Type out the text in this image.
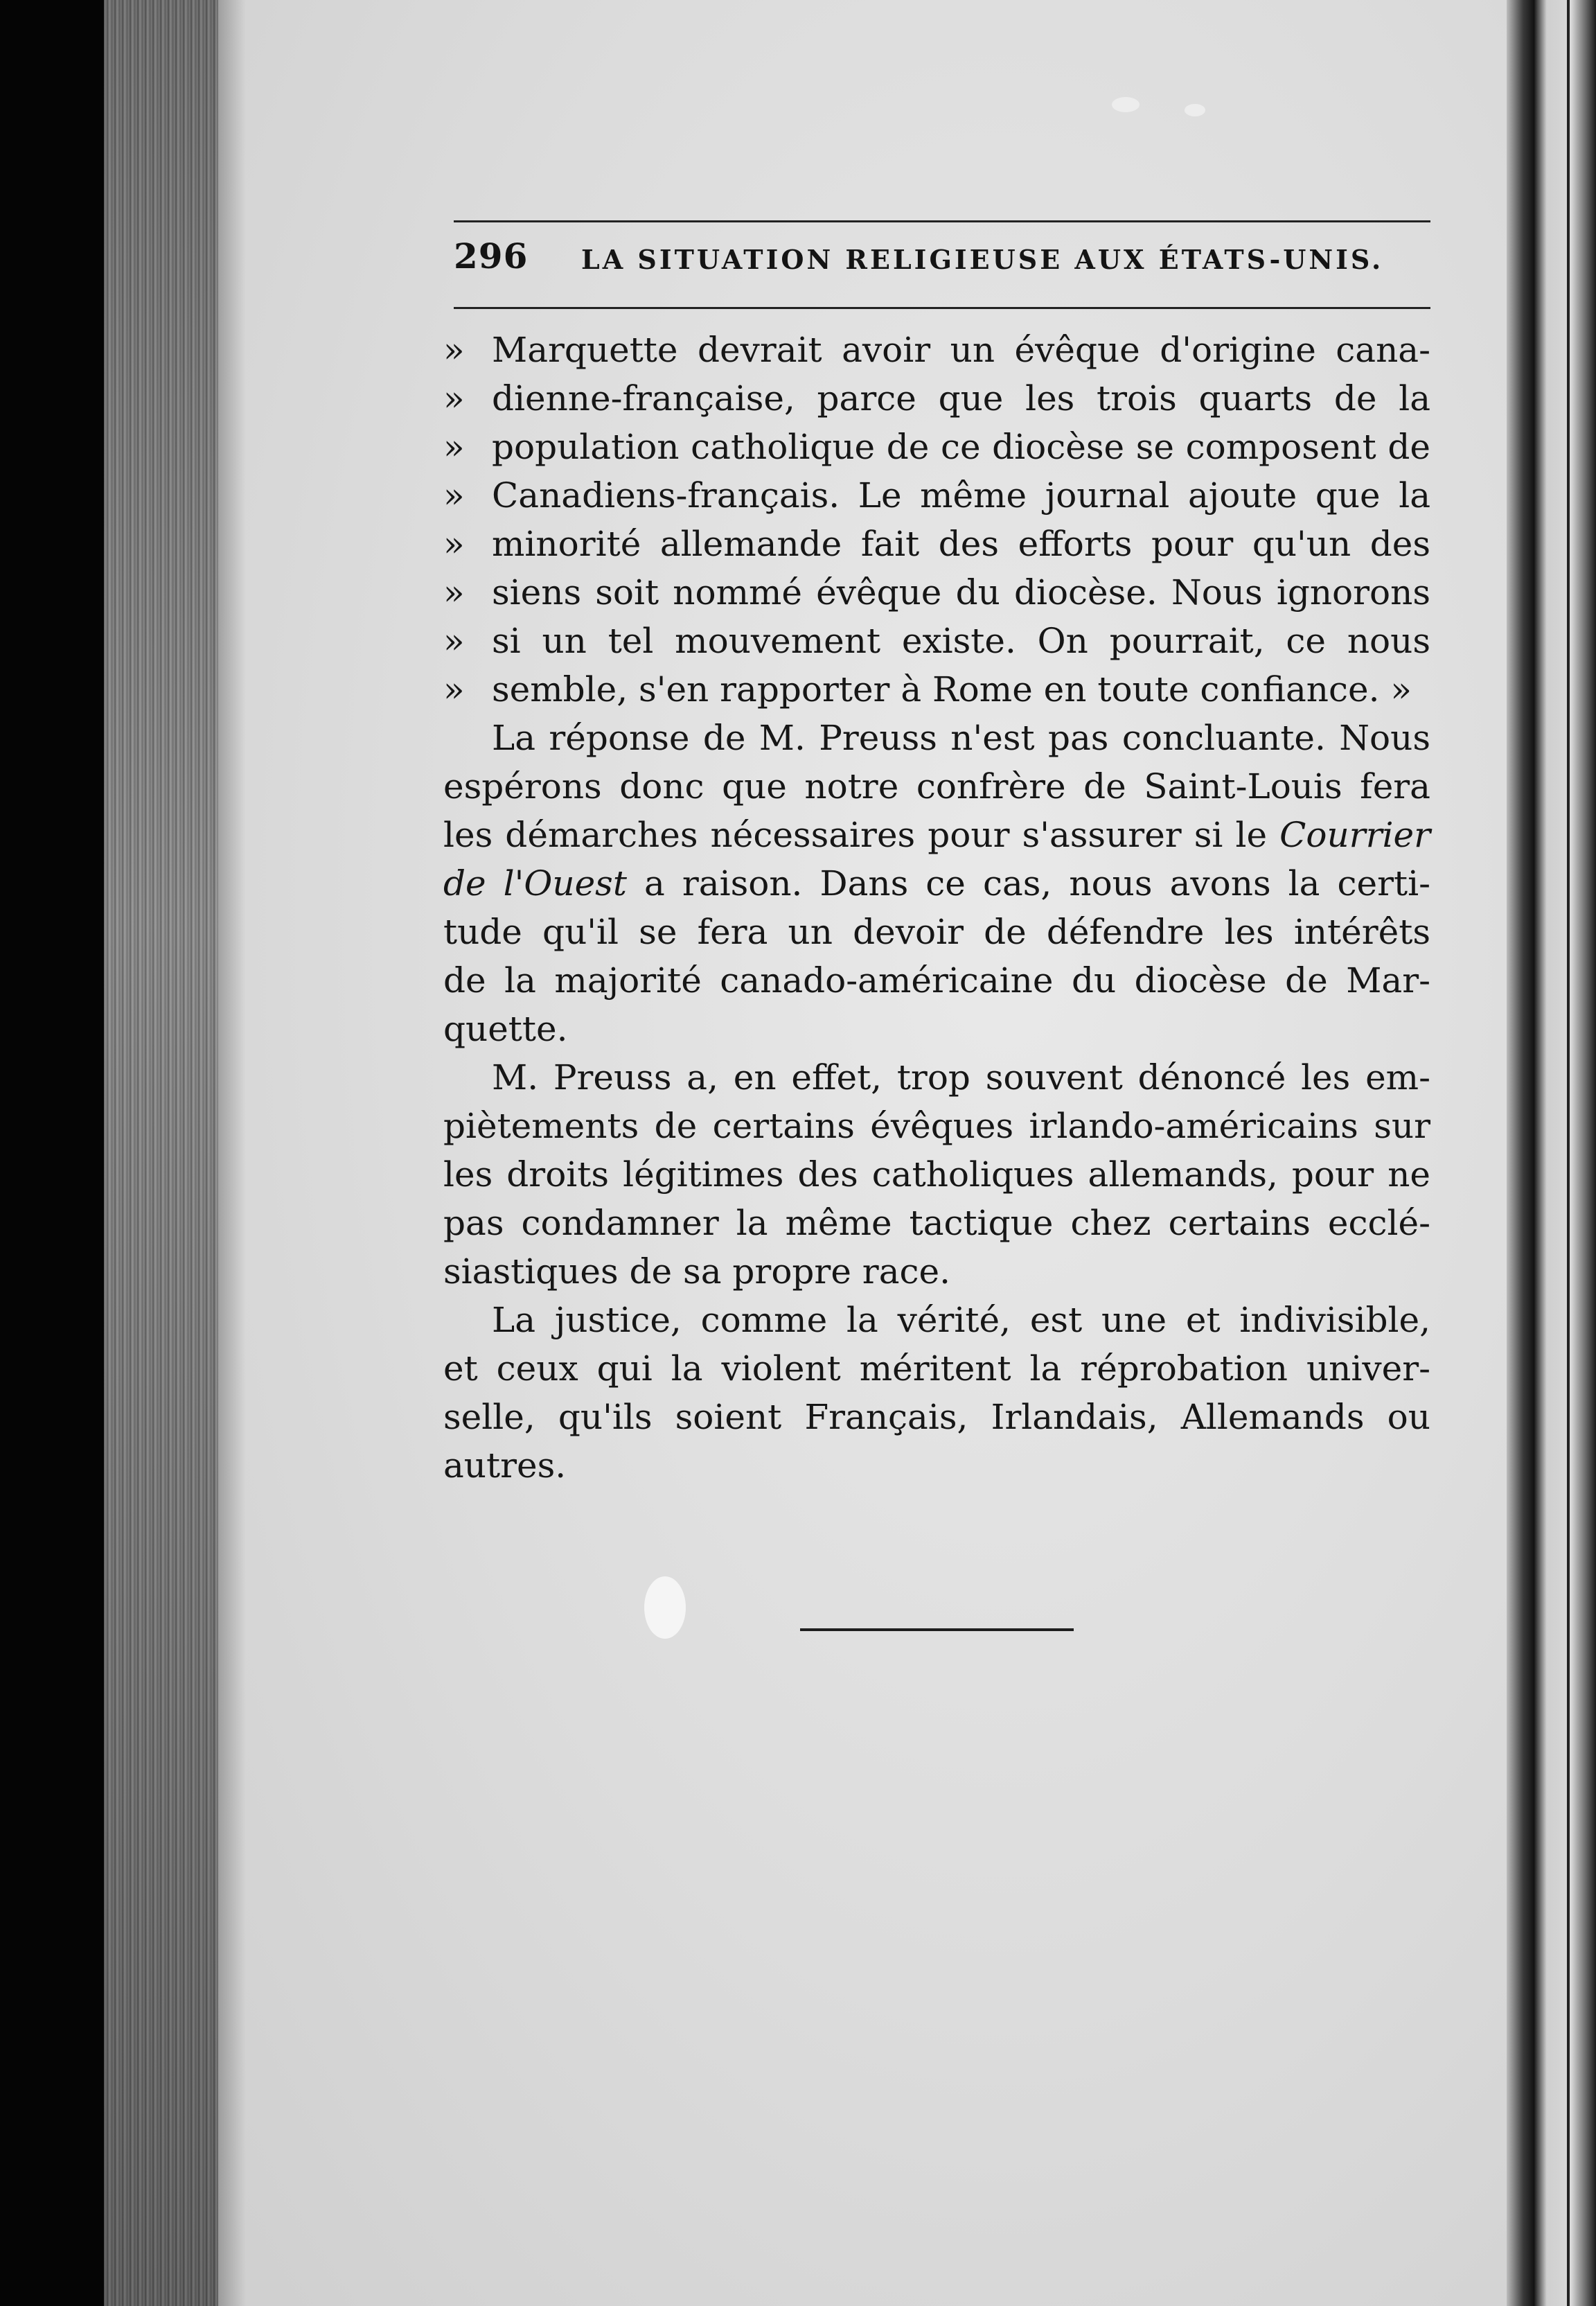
296 LA SITUATION RELIGIEUSE AUX ÉTATS-UNIS.
» Marquette devrait avoir un évêque d'origine cana-
» dienne-française, parce que les trois quarts de la
» population catholique de ce diocèse se composent de
» Canadiens-français. Le même journal ajoute que la
» minorité allemande fait des efforts pour qu'un des
» siens soit nommé évêque du diocèse. Nous ignorons
» si un tel mouvement existe. On pourrait, ce nous
» semble, s'en rapporter à Rome en toute confiance. »
La réponse de M. Preuss n'est pas concluante. Nous
espérons donc que notre confrère de Saint-Louis fera
les démarches nécessaires pour s'assurer si le Courrier
de l'Ouest a raison. Dans ce cas, nous avons la certi-
tude qu'il se fera un devoir de défendre les intérêts
de la majorité canado-américaine du diocèse de Mar-
quette.
M. Preuss a, en effet, trop souvent dénoncé les em-
piètements de certains évêques irlando-américains sur
les droits légitimes des catholiques allemands, pour ne
pas condamner la même tactique chez certains ecclé-
siastiques de sa propre race.
La justice, comme la vérité, est une et indivisible,
et ceux qui la violent méritent la réprobation univer-
selle, qu'ils soient Français, Irlandais, Allemands ou
autres.
